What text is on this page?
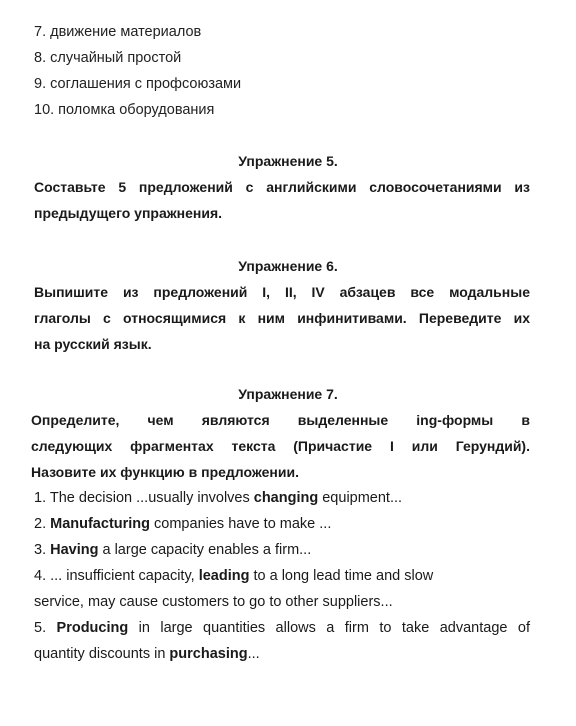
7. движение материалов
8. случайный простой
9. соглашения с профсоюзами
10. поломка оборудования
Упражнение 5.
Составьте 5 предложений с английскими словосочетаниями из
предыдущего упражнения.
Упражнение 6.
Выпишите из предложений I, II, IV абзацев все модальные
глаголы с относящимися к ним инфинитивами. Переведите их
на русский язык.
Упражнение 7.
Определите, чем являются выделенные ing-формы в
следующих фрагментах текста (Причастие I или Герундий).
Назовите их функцию в предложении.
1. The decision ...usually involves changing equipment...
2. Manufacturing companies have to make ...
3. Having a large capacity enables a firm...
4. ... insufficient capacity, leading to a long lead time and slow
service, may cause customers to go to other suppliers...
5. Producing in large quantities allows a firm to take advantage of
quantity discounts in purchasing...
